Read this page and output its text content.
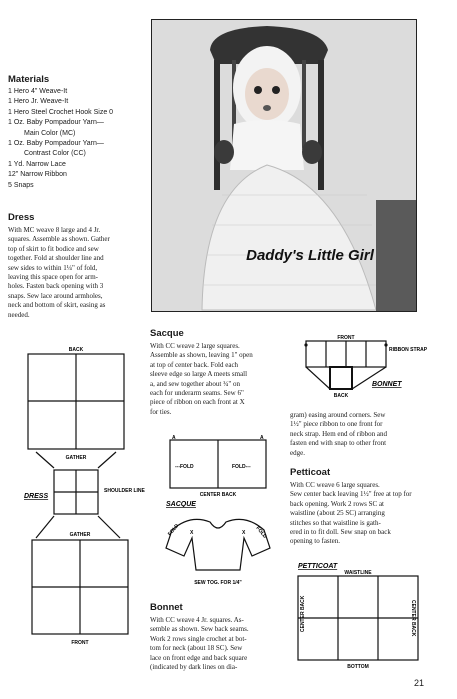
Daddy's Little Girl
Materials
1 Hero 4" Weave-It
1 Hero Jr. Weave-It
1 Hero Steel Crochet Hook Size 0
1 Oz. Baby Pompadour Yarn—
Main Color (MC)
1 Oz. Baby Pompadour Yarn—
Contrast Color (CC)
1 Yd. Narrow Lace
12" Narrow Ribbon
5 Snaps
Dress
With MC weave 8 large and 4 Jr.
squares. Assemble as shown. Gather
top of skirt to fit bodice and sew
together. Fold at shoulder line and
sew sides to within 1¼" of fold,
leaving this space open for arm-
holes. Fasten back opening with 3
snaps. Sew lace around armholes,
neck and bottom of skirt, easing as
needed.
BACK
GATHER
DRESS
SHOULDER LINE
GATHER
FRONT
Sacque
With CC weave 2 large squares.
Assemble as shown, leaving 1" open
at top of center back. Fold each
sleeve edge so large A meets small
a, and sew together about ¾" on
each for underarm seams. Sew 6"
piece of ribbon on each front at X
for ties.
A	A
---FOLD	FOLD---
CENTER BACK
SACQUE
X	X
FOLD	FOLD
SEW TOG. FOR 1/4"
Bonnet
With CC weave 4 Jr. squares. As-
semble as shown. Sew back seams.
Work 2 rows single crochet at bot-
tom for neck (about 18 SC). Sew
lace on front edge and back square
(indicated by dark lines on dia-
FRONT
RIBBON STRAP
BONNET
BACK
gram) easing around corners. Sew
1½" piece ribbon to one front for
neck strap. Hem end of ribbon and
fasten end with snap to other front
edge.
Petticoat
With CC weave 6 large squares.
Sew center back leaving 1½" free at top for
back opening. Work 2 rows SC at
waistline (about 25 SC) arranging
stitches so that waistline is gath-
ered in to fit doll. Sew snap on back
opening to fasten.
PETTICOAT
WAISTLINE
CENTER BACK	CENTER BACK
BOTTOM
21
